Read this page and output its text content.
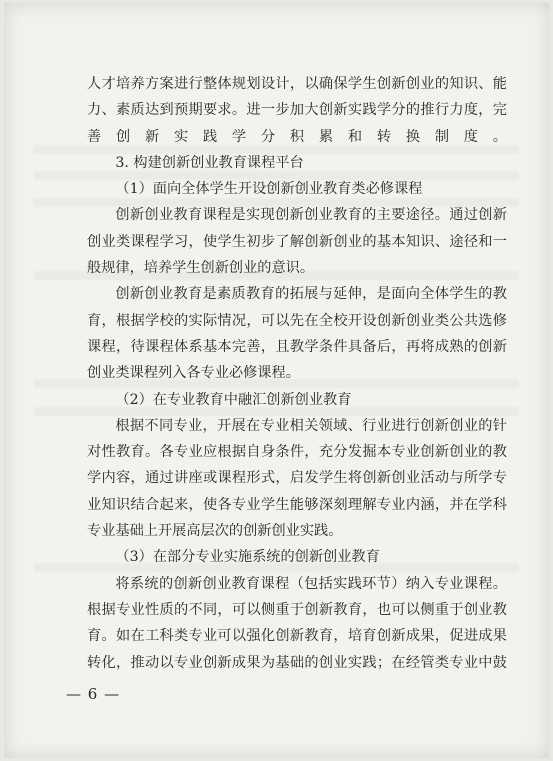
人才培养方案进行整体规划设计，以确保学生创新创业的知识、能力、素质达到预期要求。进一步加大创新实践学分的推行力度，完善创新实践学分积累和转换制度。

3. 构建创新创业教育课程平台

（1）面向全体学生开设创新创业教育类必修课程

创新创业教育课程是实现创新创业教育的主要途径。通过创新创业类课程学习，使学生初步了解创新创业的基本知识、途径和一般规律，培养学生创新创业的意识。

创新创业教育是素质教育的拓展与延伸，是面向全体学生的教育，根据学校的实际情况，可以先在全校开设创新创业类公共选修课程，待课程体系基本完善，且教学条件具备后，再将成熟的创新创业类课程列入各专业必修课程。

（2）在专业教育中融汇创新创业教育

根据不同专业，开展在专业相关领域、行业进行创新创业的针对性教育。各专业应根据自身条件，充分发掘本专业创新创业的教学内容，通过讲座或课程形式，启发学生将创新创业活动与所学专业知识结合起来，使各专业学生能够深刻理解专业内涵，并在学科专业基础上开展高层次的创新创业实践。

（3）在部分专业实施系统的创新创业教育

将系统的创新创业教育课程（包括实践环节）纳入专业课程。根据专业性质的不同，可以侧重于创新教育，也可以侧重于创业教育。如在工科类专业可以强化创新教育，培育创新成果，促进成果转化，推动以专业创新成果为基础的创业实践；在经管类专业中鼓

— 6 —
